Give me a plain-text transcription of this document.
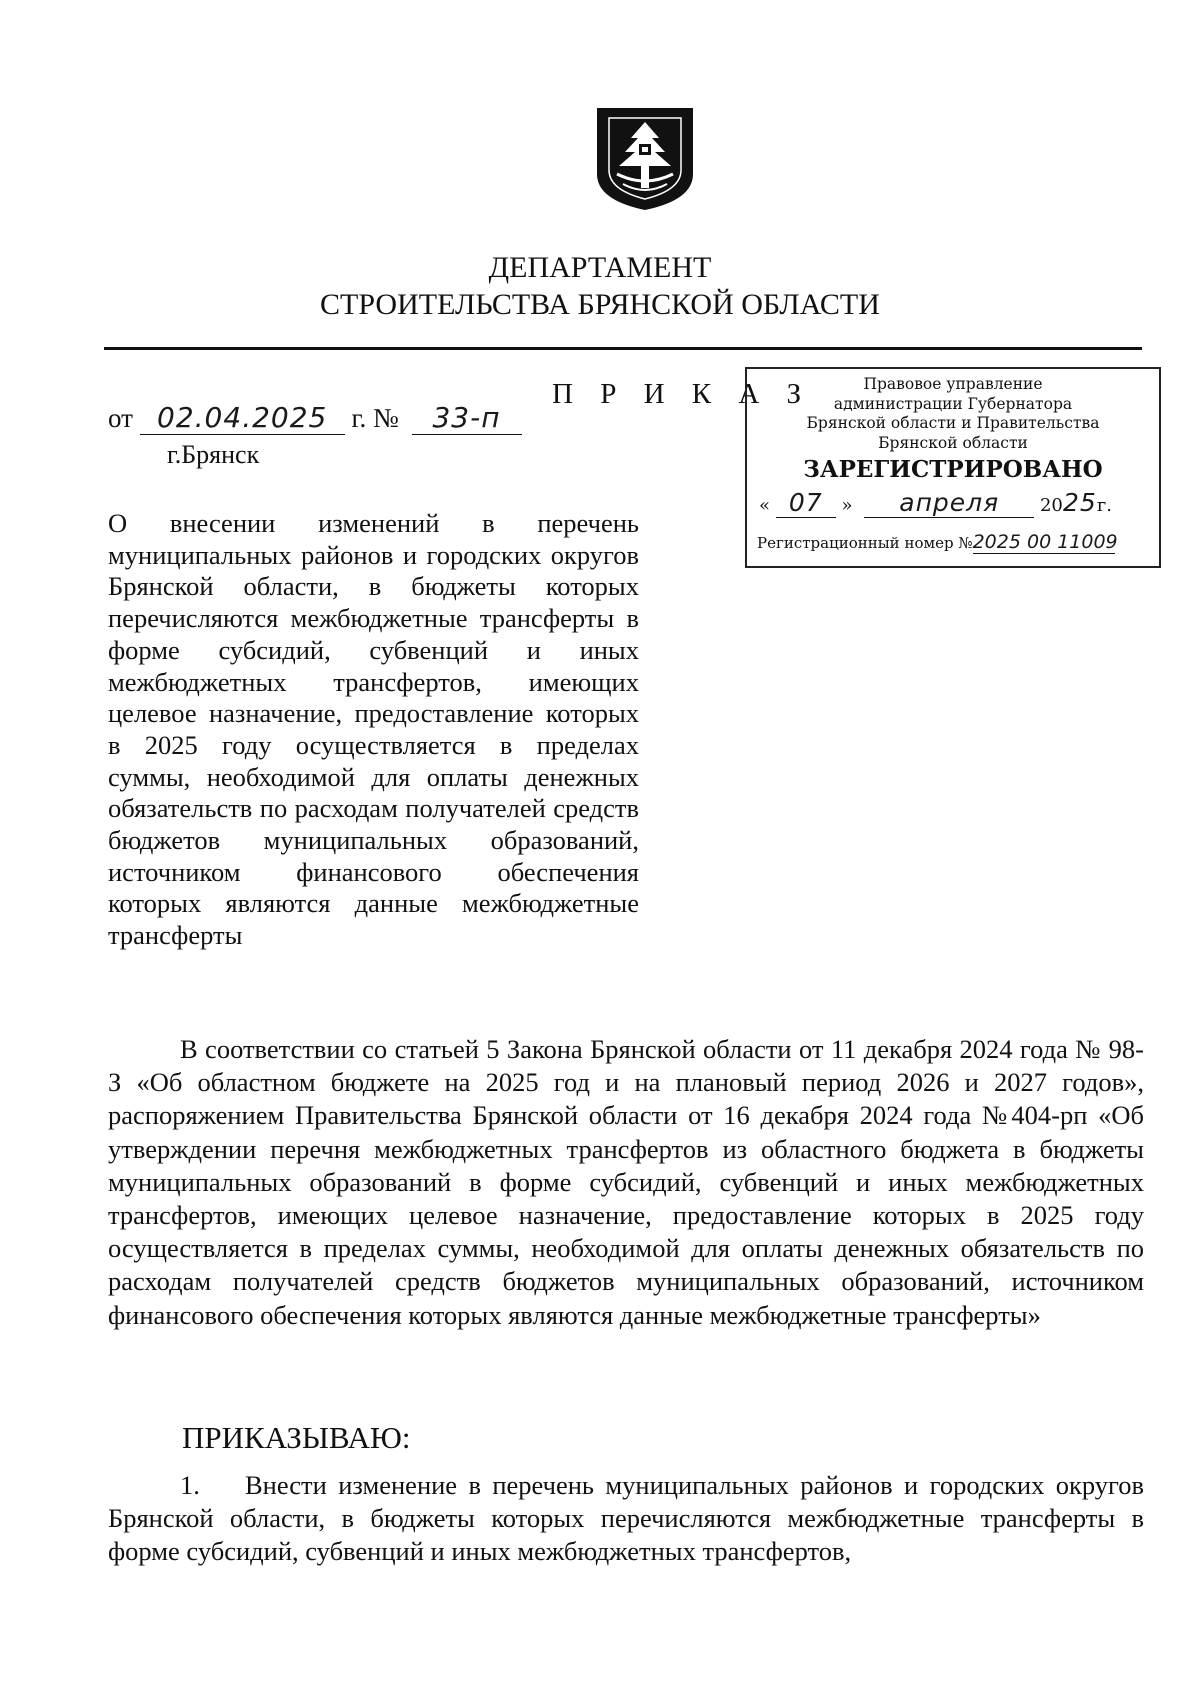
ДЕПАРТАМЕНТ
СТРОИТЕЛЬСТВА БРЯНСКОЙ ОБЛАСТИ
П Р И К А З
от 02.04.2025 г. № 33-п
г.Брянск
О внесении изменений в перечень муниципальных районов и городских округов Брянской области, в бюджеты которых перечисляются межбюджетные трансферты в форме субсидий, субвенций и иных межбюджетных трансфертов, имеющих целевое назначение, предоставление которых в 2025 году осуществляется в пределах суммы, необходимой для оплаты денежных обязательств по расходам получателей средств бюджетов муниципальных образований, источником финансового обеспечения которых являются данные межбюджетные трансферты
Правовое управление
администрации Губернатора
Брянской области и Правительства
Брянской области
ЗАРЕГИСТРИРОВАНО
« 07 » апреля 2025г.
Регистрационный номер №2025 00 11009
В соответствии со статьей 5 Закона Брянской области от 11 декабря 2024 года № 98-З «Об областном бюджете на 2025 год и на плановый период 2026 и 2027 годов», распоряжением Правительства Брянской области от 16 декабря 2024 года №404-рп «Об утверждении перечня межбюджетных трансфертов из областного бюджета в бюджеты муниципальных образований в форме субсидий, субвенций и иных межбюджетных трансфертов, имеющих целевое назначение, предоставление которых в 2025 году осуществляется в пределах суммы, необходимой для оплаты денежных обязательств по расходам получателей средств бюджетов муниципальных образований, источником финансового обеспечения которых являются данные межбюджетные трансферты»
ПРИКАЗЫВАЮ:
1. Внести изменение в перечень муниципальных районов и городских округов Брянской области, в бюджеты которых перечисляются межбюджетные трансферты в форме субсидий, субвенций и иных межбюджетных трансфертов,
